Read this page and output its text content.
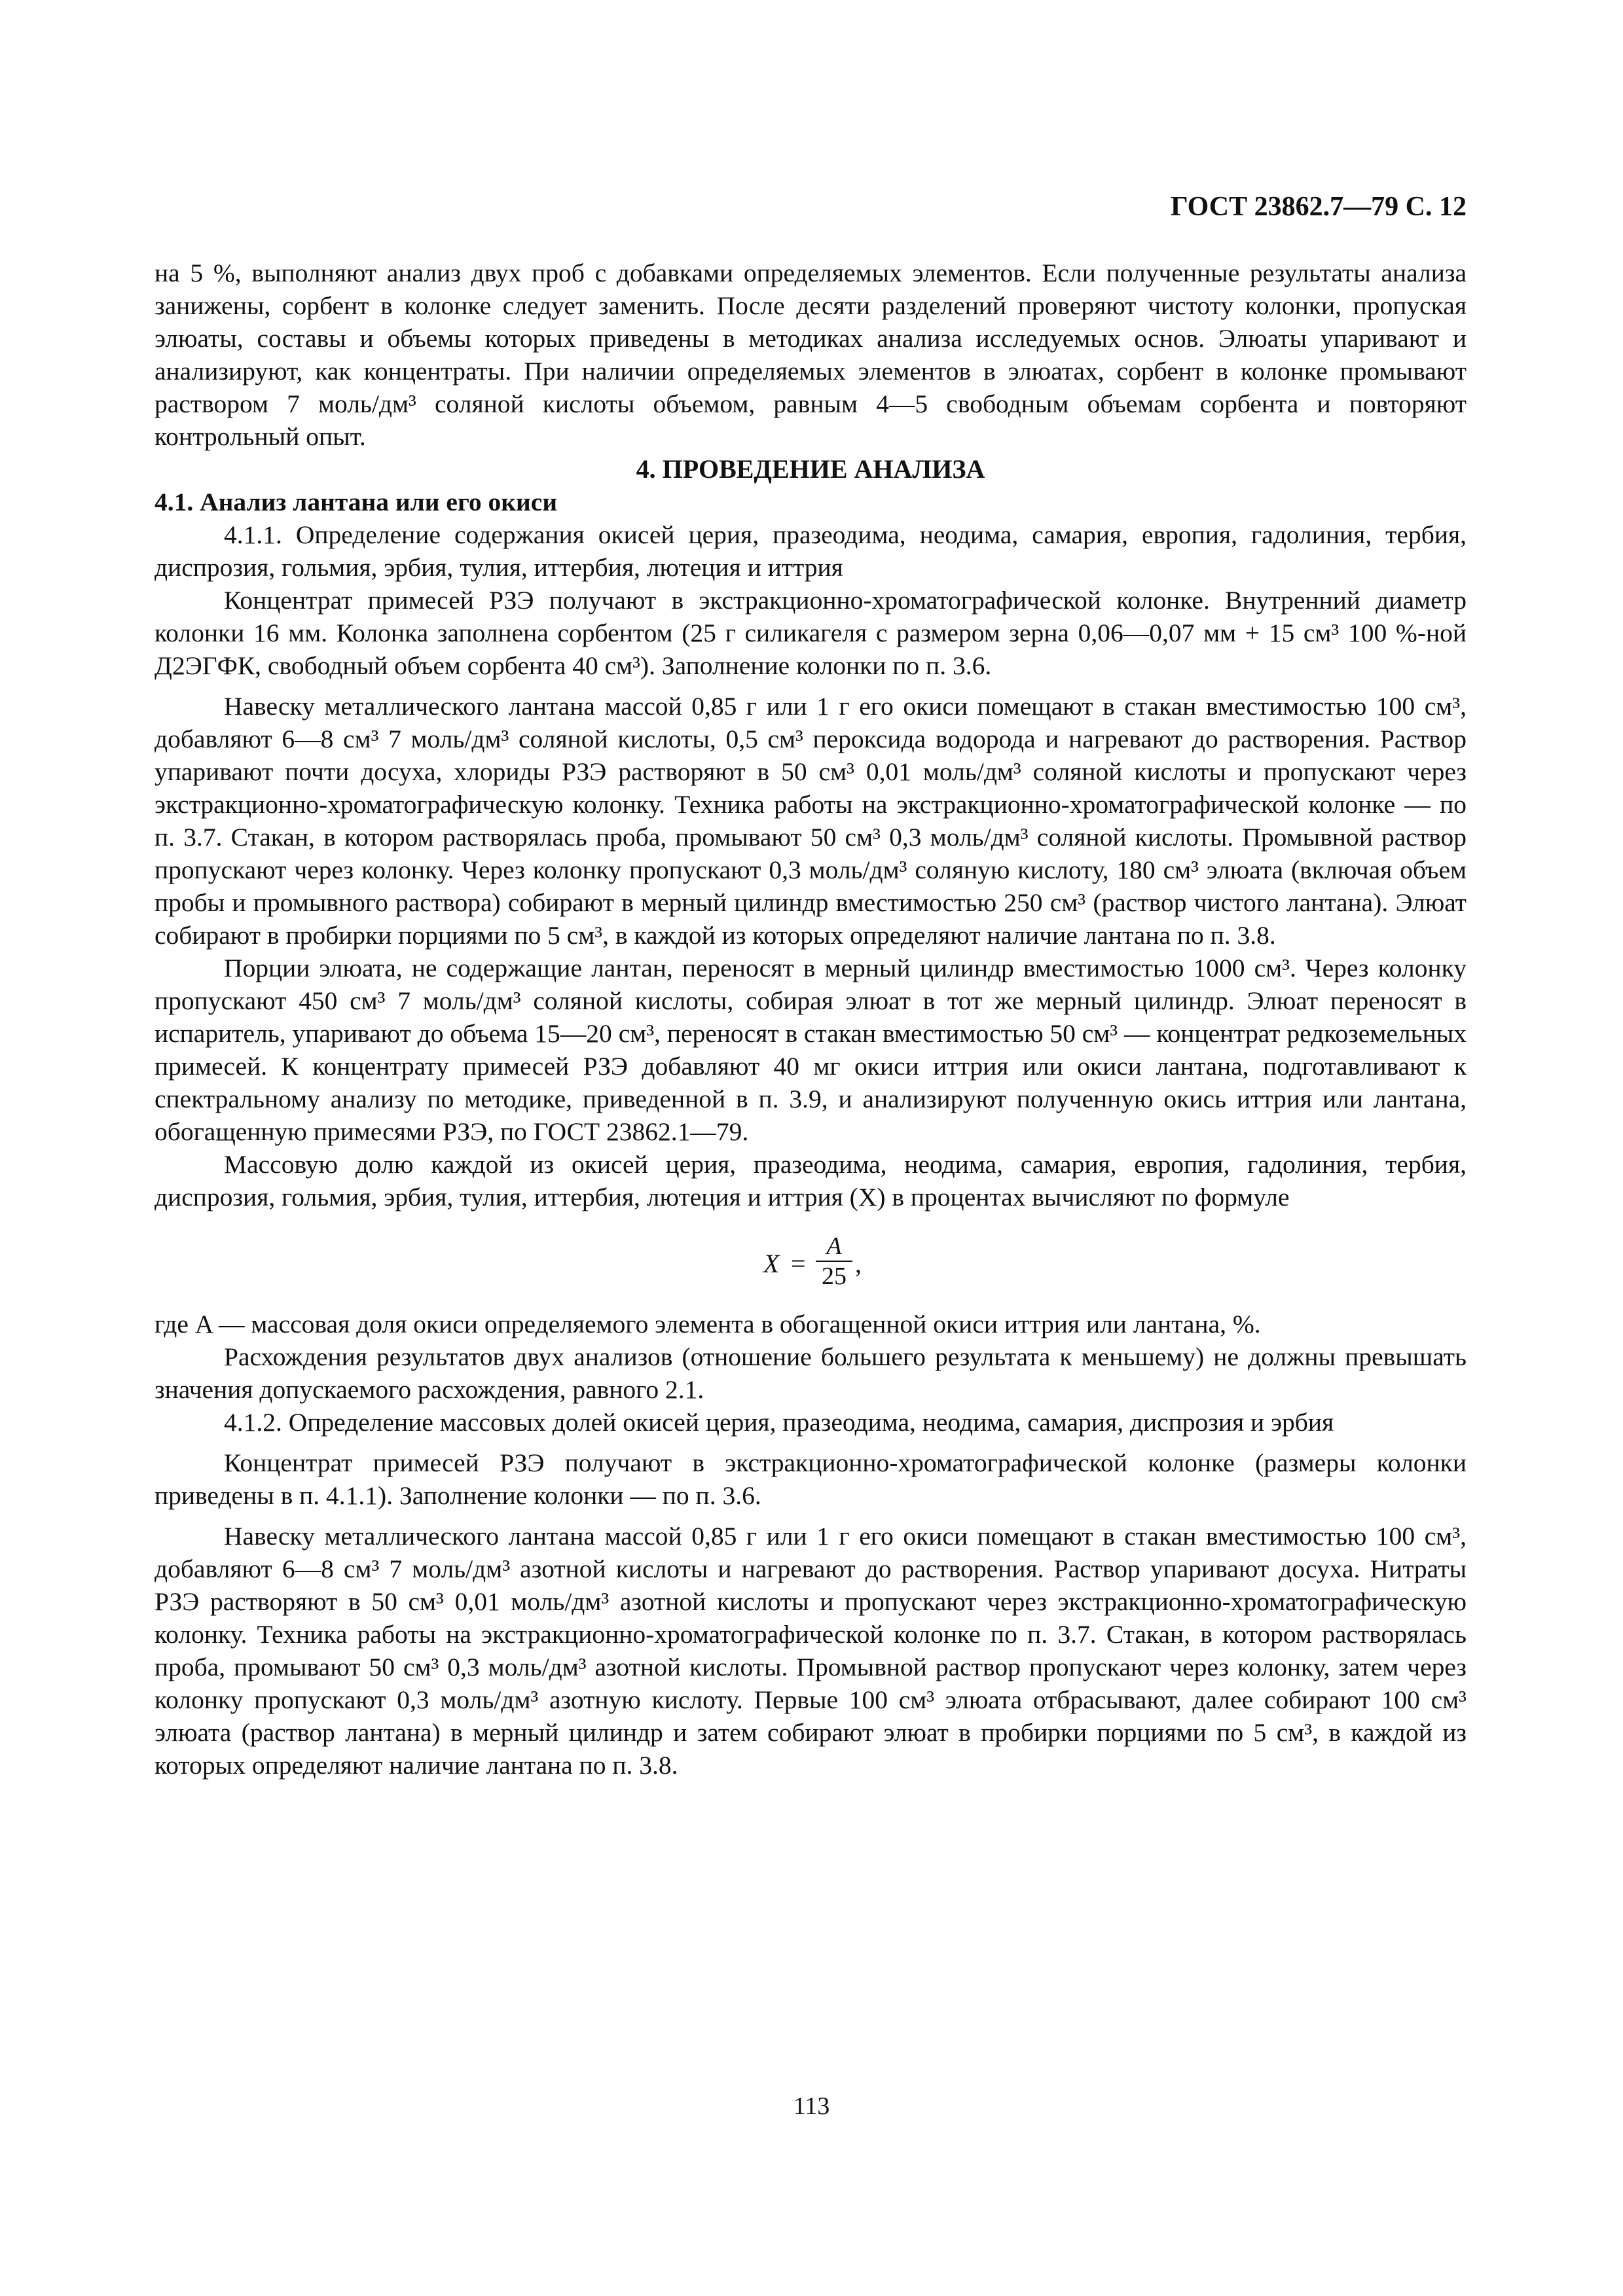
ГОСТ 23862.7—79 С. 12

на 5 %, выполняют анализ двух проб с добавками определяемых элементов. Если полученные результаты анализа занижены, сорбент в колонке следует заменить. После десяти разделений проверяют чистоту колонки, пропуская элюаты, составы и объемы которых приведены в методиках анализа исследуемых основ. Элюаты упаривают и анализируют, как концентраты. При наличии определяемых элементов в элюатах, сорбент в колонке промывают раствором 7 моль/дм³ соляной кислоты объемом, равным 4—5 свободным объемам сорбента и повторяют контрольный опыт.

4. ПРОВЕДЕНИЕ АНАЛИЗА

4.1. Анализ лантана или его окиси

4.1.1. Определение содержания окисей церия, празеодима, неодима, самария, европия, гадолиния, тербия, диспрозия, гольмия, эрбия, тулия, иттербия, лютеция и иттрия

Концентрат примесей РЗЭ получают в экстракционно-хроматографической колонке. Внутренний диаметр колонки 16 мм. Колонка заполнена сорбентом (25 г силикагеля с размером зерна 0,06—0,07 мм + 15 см³ 100 %-ной Д2ЭГФК, свободный объем сорбента 40 см³). Заполнение колонки по п. 3.6.

Навеску металлического лантана массой 0,85 г или 1 г его окиси помещают в стакан вместимостью 100 см³, добавляют 6—8 см³ 7 моль/дм³ соляной кислоты, 0,5 см³ пероксида водорода и нагревают до растворения. Раствор упаривают почти досуха, хлориды РЗЭ растворяют в 50 см³ 0,01 моль/дм³ соляной кислоты и пропускают через экстракционно-хроматографическую колонку. Техника работы на экстракционно-хроматографической колонке — по п. 3.7. Стакан, в котором растворялась проба, промывают 50 см³ 0,3 моль/дм³ соляной кислоты. Промывной раствор пропускают через колонку. Через колонку пропускают 0,3 моль/дм³ соляную кислоту, 180 см³ элюата (включая объем пробы и промывного раствора) собирают в мерный цилиндр вместимостью 250 см³ (раствор чистого лантана). Элюат собирают в пробирки порциями по 5 см³, в каждой из которых определяют наличие лантана по п. 3.8.

Порции элюата, не содержащие лантан, переносят в мерный цилиндр вместимостью 1000 см³. Через колонку пропускают 450 см³ 7 моль/дм³ соляной кислоты, собирая элюат в тот же мерный цилиндр. Элюат переносят в испаритель, упаривают до объема 15—20 см³, переносят в стакан вместимостью 50 см³ — концентрат редкоземельных примесей. К концентрату примесей РЗЭ добавляют 40 мг окиси иттрия или окиси лантана, подготавливают к спектральному анализу по методике, приведенной в п. 3.9, и анализируют полученную окись иттрия или лантана, обогащенную примесями РЗЭ, по ГОСТ 23862.1—79.

Массовую долю каждой из окисей церия, празеодима, неодима, самария, европия, гадолиния, тербия, диспрозия, гольмия, эрбия, тулия, иттербия, лютеция и иттрия (X) в процентах вычисляют по формуле

X =
A
25 ,

где A — массовая доля окиси определяемого элемента в обогащенной окиси иттрия или лантана, %.

Расхождения результатов двух анализов (отношение большего результата к меньшему) не должны превышать значения допускаемого расхождения, равного 2.1.

4.1.2. Определение массовых долей окисей церия, празеодима, неодима, самария, диспрозия и эрбия

Концентрат примесей РЗЭ получают в экстракционно-хроматографической колонке (размеры колонки приведены в п. 4.1.1). Заполнение колонки — по п. 3.6.

Навеску металлического лантана массой 0,85 г или 1 г его окиси помещают в стакан вместимостью 100 см³, добавляют 6—8 см³ 7 моль/дм³ азотной кислоты и нагревают до растворения. Раствор упаривают досуха. Нитраты РЗЭ растворяют в 50 см³ 0,01 моль/дм³ азотной кислоты и пропускают через экстракционно-хроматографическую колонку. Техника работы на экстракционно-хроматографической колонке по п. 3.7. Стакан, в котором растворялась проба, промывают 50 см³ 0,3 моль/дм³ азотной кислоты. Промывной раствор пропускают через колонку, затем через колонку пропускают 0,3 моль/дм³ азотную кислоту. Первые 100 см³ элюата отбрасывают, далее собирают 100 см³ элюата (раствор лантана) в мерный цилиндр и затем собирают элюат в пробирки порциями по 5 см³, в каждой из которых определяют наличие лантана по п. 3.8.

113
